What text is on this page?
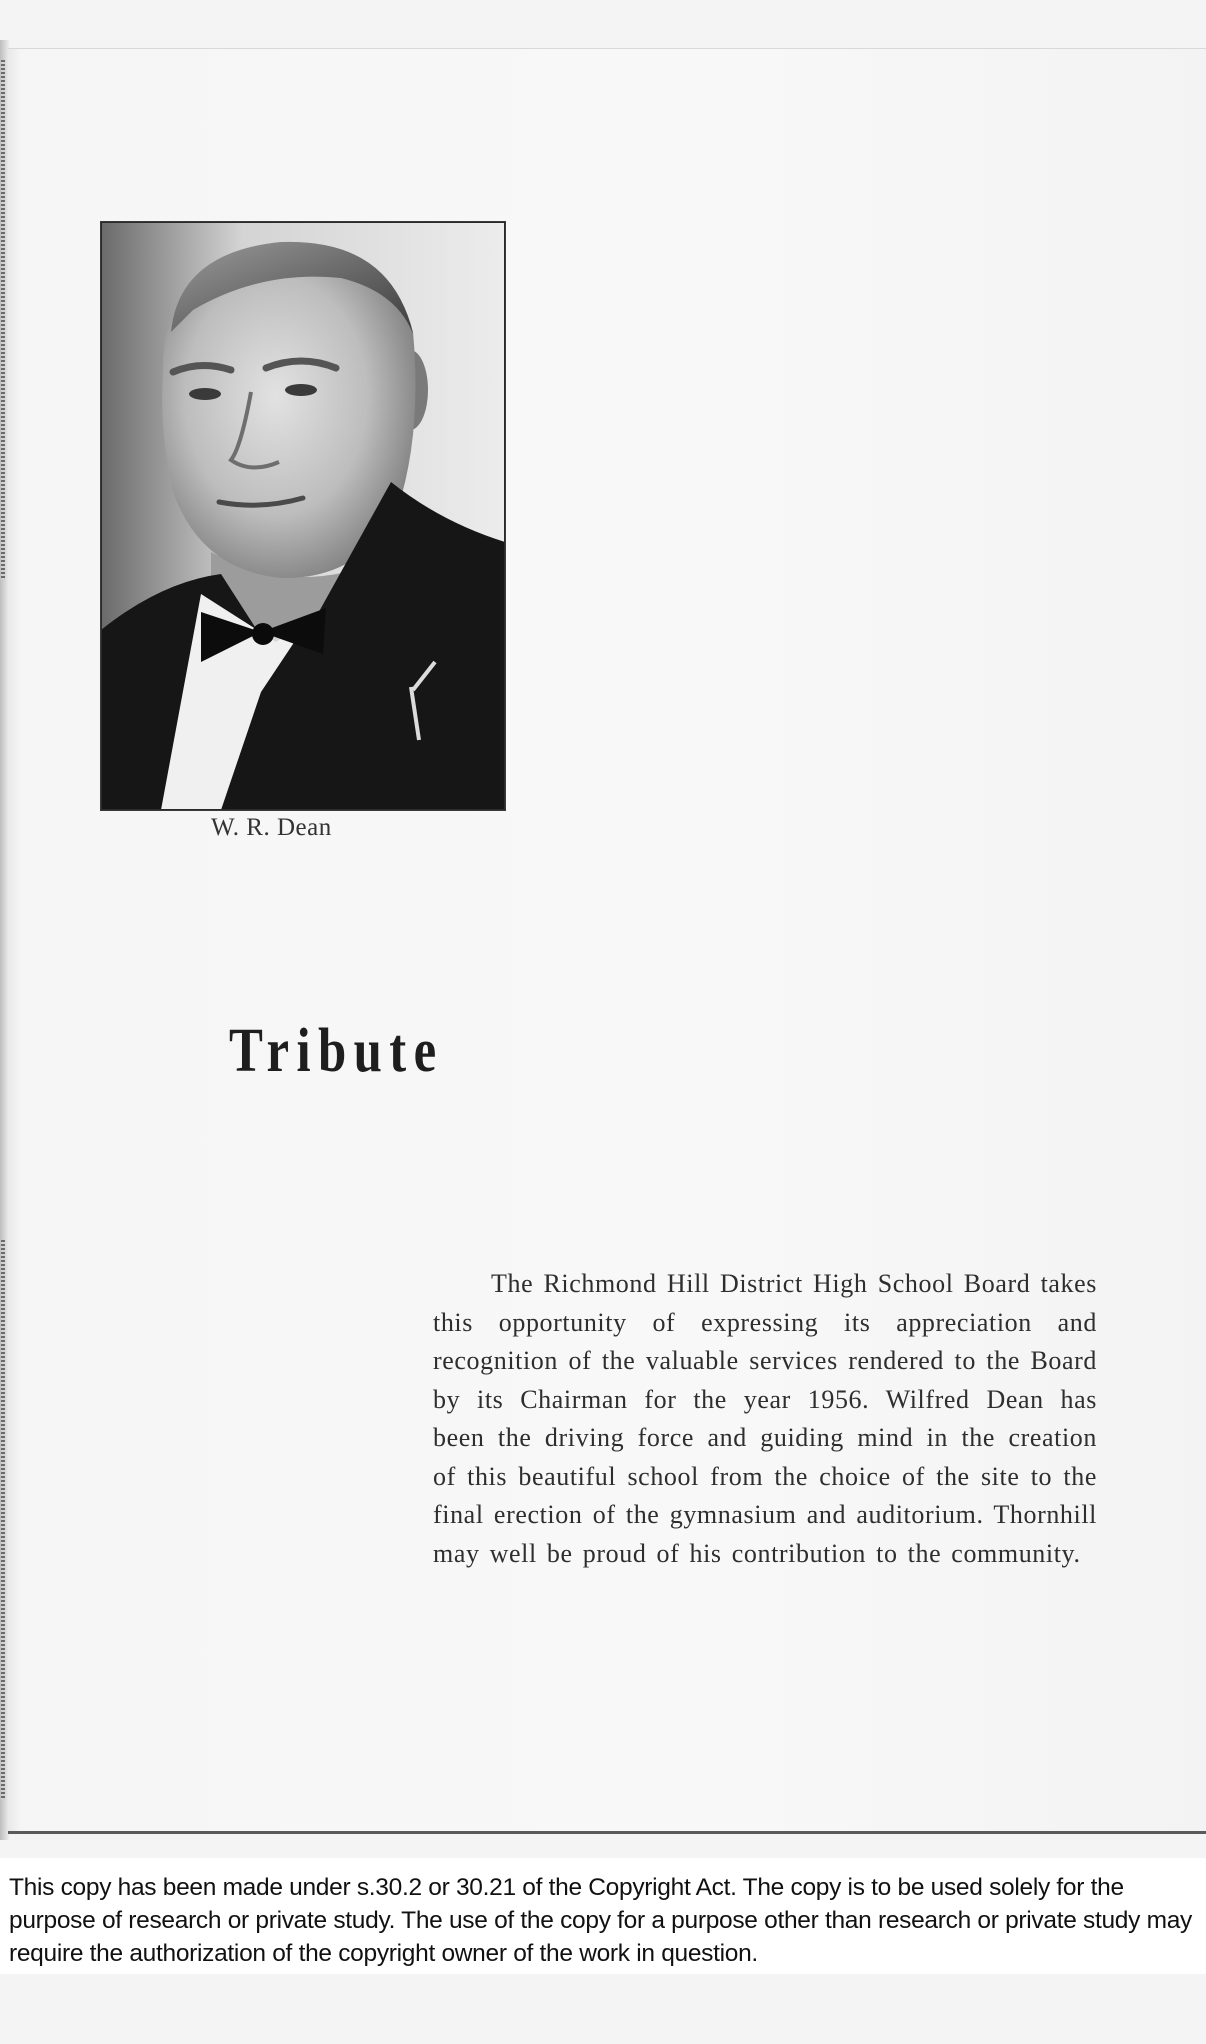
W. R. Dean
Tribute

The Richmond Hill District High School Board takes this opportunity of expressing its appreciation and recognition of the valuable services rendered to the Board by its Chairman for the year 1956. Wilfred Dean has been the driving force and guiding mind in the creation of this beautiful school from the choice of the site to the final erection of the gymnasium and auditorium. Thornhill may well be proud of his contribution to the community.

This copy has been made under s.30.2 or 30.21 of the Copyright Act. The copy is to be used solely for the purpose of research or private study. The use of the copy for a purpose other than research or private study may require the authorization of the copyright owner of the work in question.
